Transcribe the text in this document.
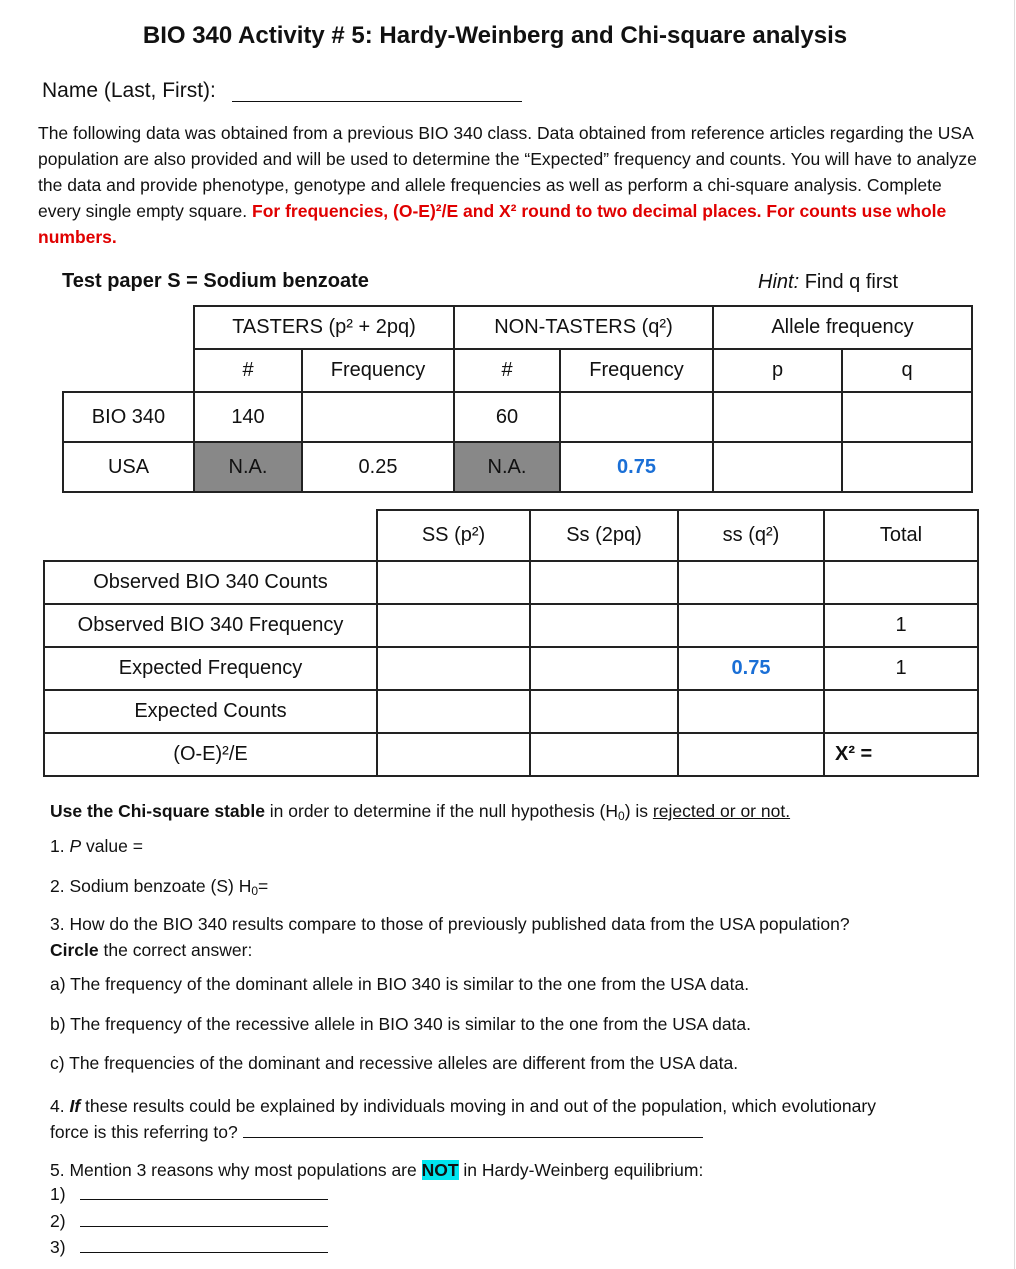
BIO 340 Activity # 5: Hardy-Weinberg and Chi-square analysis
Name (Last, First):
The following data was obtained from a previous BIO 340 class. Data obtained from reference articles regarding the USA population are also provided and will be used to determine the “Expected” frequency and counts. You will have to analyze the data and provide phenotype, genotype and allele frequencies as well as perform a chi-square analysis. Complete every single empty square. For frequencies, (O-E)²/E and X² round to two decimal places. For counts use whole numbers.
Test paper S = Sodium benzoate	Hint: Find q first
	TASTERS (p² + 2pq)		NON-TASTERS (q²)		Allele frequency	
	#	Frequency	#	Frequency	p	q
BIO 340	140		60			
USA	N.A.	0.25	N.A.	0.75		
	SS (p²)	Ss (2pq)	ss (q²)	Total
Observed BIO 340 Counts				
Observed BIO 340 Frequency				1
Expected Frequency			0.75	1
Expected Counts				
(O-E)²/E				X² =
Use the Chi-square stable in order to determine if the null hypothesis $(H_0)$ is rejected or or not.
1. P value =
2. Sodium benzoate (S) $H_0=$
3. How do the BIO 340 results compare to those of previously published data from the USA population? Circle the correct answer:
a) The frequency of the dominant allele in BIO 340 is similar to the one from the USA data.
b) The frequency of the recessive allele in BIO 340 is similar to the one from the USA data.
c) The frequencies of the dominant and recessive alleles are different from the USA data.
4. If these results could be explained by individuals moving in and out of the population, which evolutionary force is this referring to?
5. Mention 3 reasons why most populations are NOT in Hardy-Weinberg equilibrium:
1)
2)
3)
